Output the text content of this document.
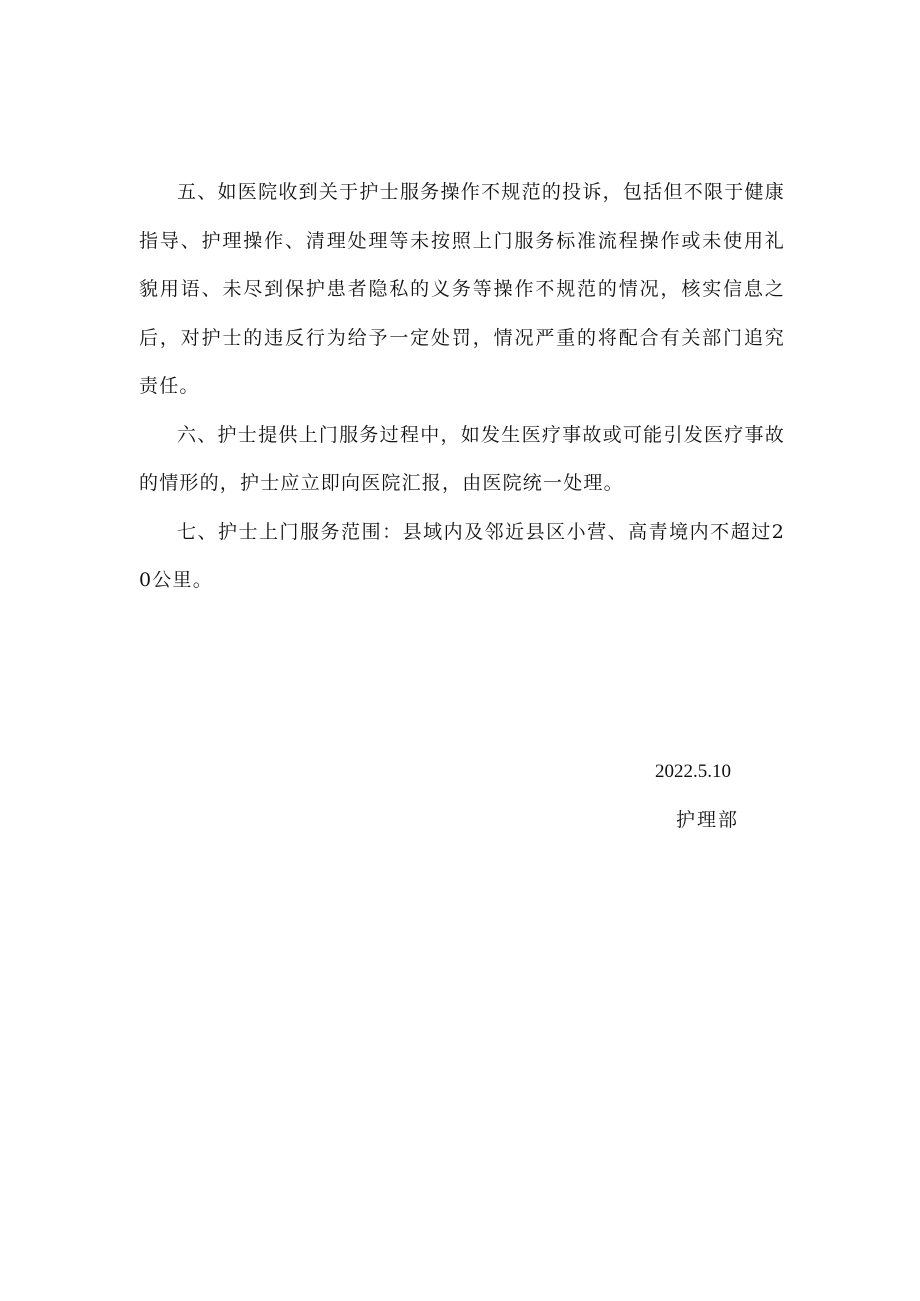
五、如医院收到关于护士服务操作不规范的投诉，包括但不限于健康指导、护理操作、清理处理等未按照上门服务标准流程操作或未使用礼貌用语、未尽到保护患者隐私的义务等操作不规范的情况，核实信息之后，对护士的违反行为给予一定处罚，情况严重的将配合有关部门追究责任。

六、护士提供上门服务过程中，如发生医疗事故或可能引发医疗事故的情形的，护士应立即向医院汇报，由医院统一处理。

七、护士上门服务范围：县域内及邻近县区小营、高青境内不超过20公里。

2022.5.10
护理部
